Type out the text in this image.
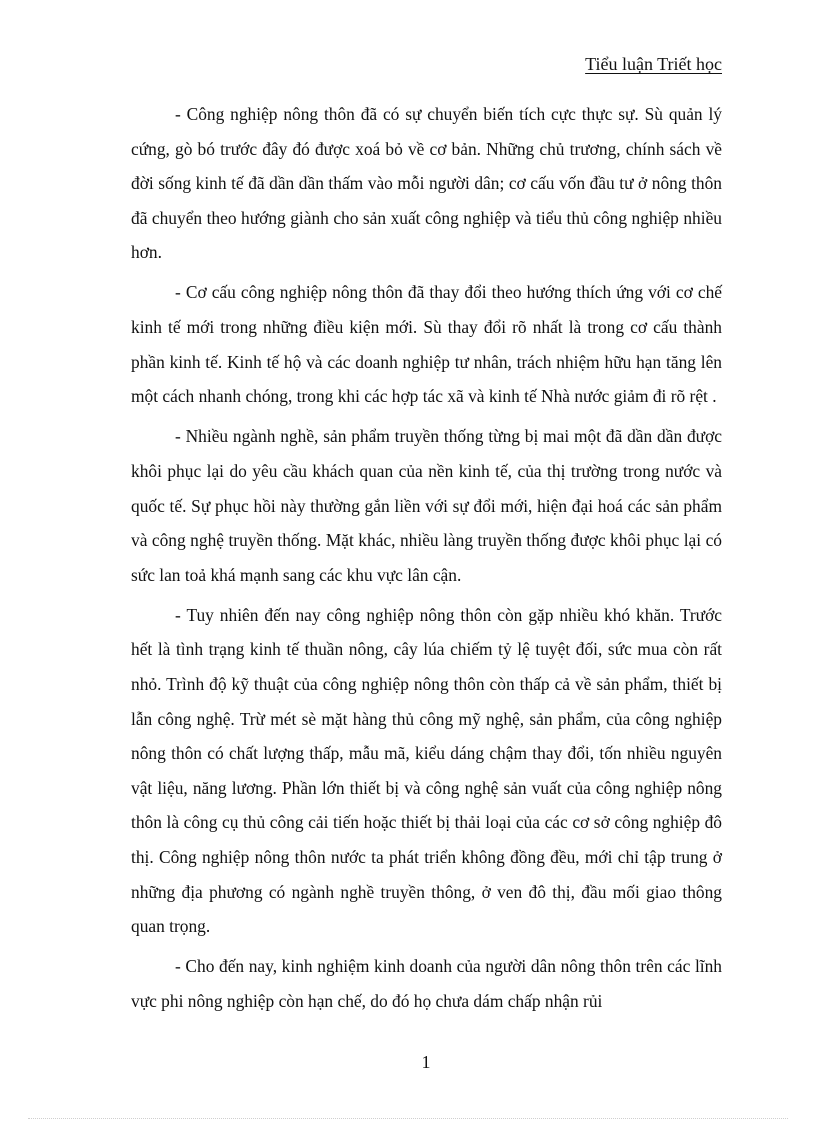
Tiểu luận Triết học

- Công nghiệp nông thôn đã có sự chuyển biến tích cực thực sự. Sù quản lý cứng, gò bó trước đây đó được xoá bỏ về cơ bản. Những chủ trương, chính sách về đời sống kinh tế đã dần dần thấm vào mỗi người dân; cơ cấu vốn đầu tư ở nông thôn đã chuyển theo hướng giành cho sản xuất công nghiệp và tiểu thủ công nghiệp nhiều hơn.

- Cơ cấu công nghiệp nông thôn đã thay đổi theo hướng thích ứng với cơ chế kinh tế mới trong những điều kiện mới. Sù thay đổi rõ nhất là trong cơ cấu thành phần kinh tế. Kinh tế hộ và các doanh nghiệp tư nhân, trách nhiệm hữu hạn tăng lên một cách nhanh chóng, trong khi các hợp tác xã và kinh tế Nhà nước giảm đi rõ rệt .

- Nhiều ngành nghề, sản phẩm truyền thống từng bị mai một đã dần dần được khôi phục lại do yêu cầu khách quan của nền kinh tế, của thị trường trong nước và quốc tế. Sự phục hồi này thường gắn liền với sự đổi mới, hiện đại hoá các sản phẩm và công nghệ truyền thống. Mặt khác, nhiều làng truyền thống được khôi phục lại có sức lan toả khá mạnh sang các khu vực lân cận.

- Tuy nhiên đến nay công nghiệp nông thôn còn gặp nhiều khó khăn. Trước hết là tình trạng kinh tế thuần nông, cây lúa chiếm tỷ lệ tuyệt đối, sức mua còn rất nhỏ. Trình độ kỹ thuật của công nghiệp nông thôn còn thấp cả về sản phẩm, thiết bị lẫn công nghệ. Trừ mét sè mặt hàng thủ công mỹ nghệ, sản phẩm, của công nghiệp nông thôn có chất lượng thấp, mẫu mã, kiểu dáng chậm thay đổi, tốn nhiều nguyên vật liệu, năng lương. Phần lớn thiết bị và công nghệ sản vuất của công nghiệp nông thôn là công cụ thủ công cải tiến hoặc thiết bị thải loại của các cơ sở công nghiệp đô thị. Công nghiệp nông thôn nước ta phát triển không đồng đều, mới chỉ tập trung ở những địa phương có ngành nghề truyền thông, ở ven đô thị, đầu mối giao thông quan trọng.

- Cho đến nay, kinh nghiệm kinh doanh của người dân nông thôn trên các lĩnh vực phi nông nghiệp còn hạn chế, do đó họ chưa dám chấp nhận rủi

1
